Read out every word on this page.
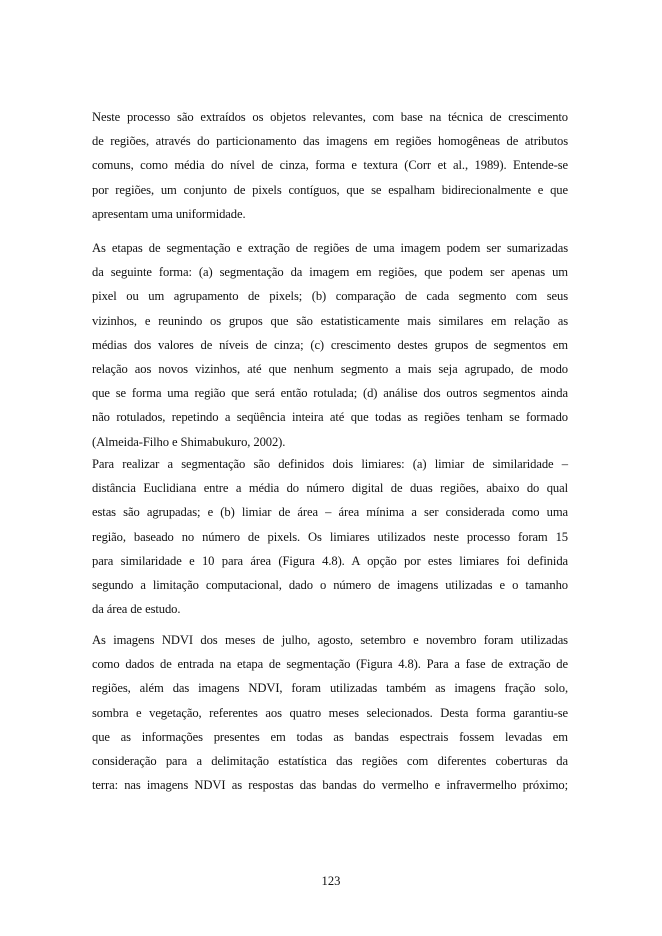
Neste processo são extraídos os objetos relevantes, com base na técnica de crescimento
de regiões, através do particionamento das imagens em regiões homogêneas de atributos
comuns, como média do nível de cinza, forma e textura (Corr et al., 1989). Entende-se
por regiões, um conjunto de pixels contíguos, que se espalham bidirecionalmente e que
apresentam uma uniformidade.

As etapas de segmentação e extração de regiões de uma imagem podem ser sumarizadas
da seguinte forma: (a) segmentação da imagem em regiões, que podem ser apenas um
pixel ou um agrupamento de pixels; (b) comparação de cada segmento com seus
vizinhos, e reunindo os grupos que são estatisticamente mais similares em relação as
médias dos valores de níveis de cinza; (c) crescimento destes grupos de segmentos em
relação aos novos vizinhos, até que nenhum segmento a mais seja agrupado, de modo
que se forma uma região que será então rotulada; (d) análise dos outros segmentos ainda
não rotulados, repetindo a seqüência inteira até que todas as regiões tenham se formado
(Almeida-Filho e Shimabukuro, 2002).

Para realizar a segmentação são definidos dois limiares: (a) limiar de similaridade –
distância Euclidiana entre a média do número digital de duas regiões, abaixo do qual
estas são agrupadas; e (b) limiar de área – área mínima a ser considerada como uma
região, baseado no número de pixels. Os limiares utilizados neste processo foram 15
para similaridade e 10 para área (Figura 4.8). A opção por estes limiares foi definida
segundo a limitação computacional, dado o número de imagens utilizadas e o tamanho
da área de estudo.

As imagens NDVI dos meses de julho, agosto, setembro e novembro foram utilizadas
como dados de entrada na etapa de segmentação (Figura 4.8). Para a fase de extração de
regiões, além das imagens NDVI, foram utilizadas também as imagens fração solo,
sombra e vegetação, referentes aos quatro meses selecionados. Desta forma garantiu-se
que as informações presentes em todas as bandas espectrais fossem levadas em
consideração para a delimitação estatística das regiões com diferentes coberturas da
terra: nas imagens NDVI as respostas das bandas do vermelho e infravermelho próximo;

123
